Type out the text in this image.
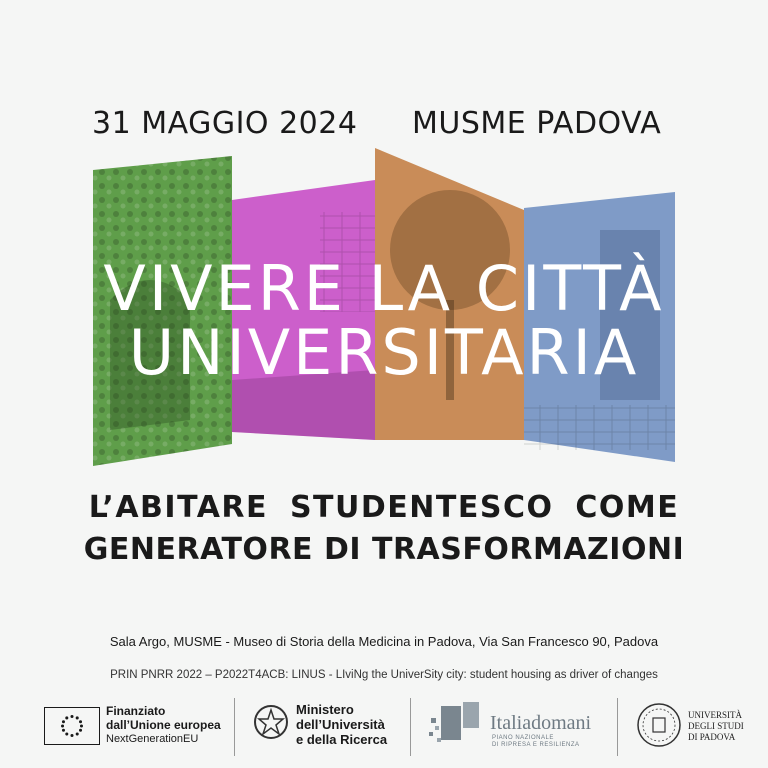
31 MAGGIO 2024 MUSME PADOVA
VIVERE LA CITTÀ
UNIVERSITARIA
L’ABITARE STUDENTESCO COME
GENERATORE DI TRASFORMAZIONI
Sala Argo, MUSME - Museo di Storia della Medicina in Padova, Via San Francesco 90, Padova
PRIN PNRR 2022 – P2022T4ACB: LINUS - LIviNg the UniverSity city: student housing as driver of changes
Finanziato
dall’Unione europea
NextGenerationEU
Ministero
dell’Università
e della Ricerca
Italiadomani
PIANO NAZIONALE
DI RIPRESA E RESILIENZA
UNIVERSITÀ
DEGLI STUDI
DI PADOVA
